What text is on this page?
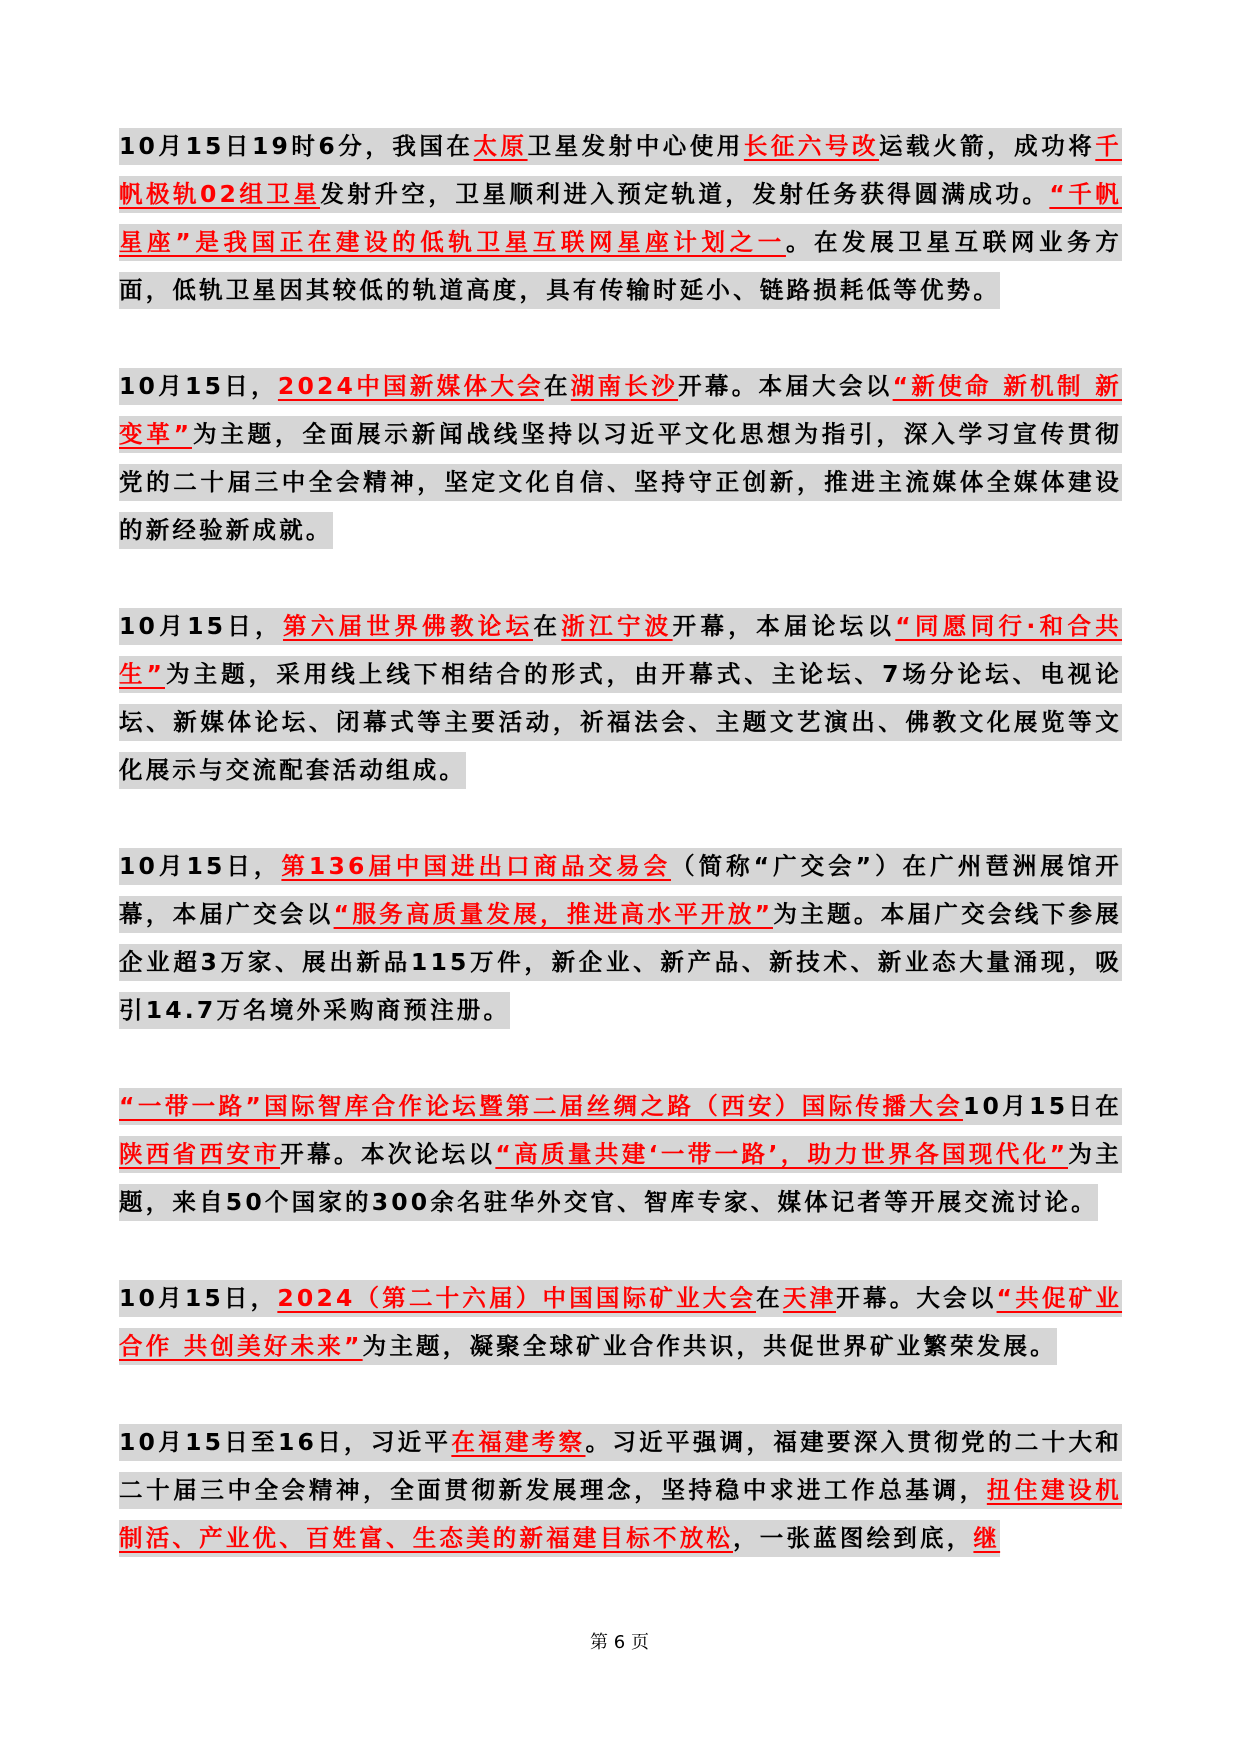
10月15日19时6分，我国在太原卫星发射中心使用长征六号改运载火箭，成功将千帆极轨02组卫星发射升空，卫星顺利进入预定轨道，发射任务获得圆满成功。“千帆星座”是我国正在建设的低轨卫星互联网星座计划之一。在发展卫星互联网业务方面，低轨卫星因其较低的轨道高度，具有传输时延小、链路损耗低等优势。

10月15日，2024中国新媒体大会在湖南长沙开幕。本届大会以“新使命 新机制 新变革”为主题，全面展示新闻战线坚持以习近平文化思想为指引，深入学习宣传贯彻党的二十届三中全会精神，坚定文化自信、坚持守正创新，推进主流媒体全媒体建设的新经验新成就。

10月15日，第六届世界佛教论坛在浙江宁波开幕，本届论坛以“同愿同行·和合共生”为主题，采用线上线下相结合的形式，由开幕式、主论坛、7场分论坛、电视论坛、新媒体论坛、闭幕式等主要活动，祈福法会、主题文艺演出、佛教文化展览等文化展示与交流配套活动组成。

10月15日，第136届中国进出口商品交易会（简称“广交会”）在广州琶洲展馆开幕，本届广交会以“服务高质量发展，推进高水平开放”为主题。本届广交会线下参展企业超3万家、展出新品115万件，新企业、新产品、新技术、新业态大量涌现，吸引14.7万名境外采购商预注册。

“一带一路”国际智库合作论坛暨第二届丝绸之路（西安）国际传播大会10月15日在陕西省西安市开幕。本次论坛以“高质量共建‘一带一路’，助力世界各国现代化”为主题，来自50个国家的300余名驻华外交官、智库专家、媒体记者等开展交流讨论。

10月15日，2024（第二十六届）中国国际矿业大会在天津开幕。大会以“共促矿业合作 共创美好未来”为主题，凝聚全球矿业合作共识，共促世界矿业繁荣发展。

10月15日至16日，习近平在福建考察。习近平强调，福建要深入贯彻党的二十大和二十届三中全会精神，全面贯彻新发展理念，坚持稳中求进工作总基调，扭住建设机制活、产业优、百姓富、生态美的新福建目标不放松，一张蓝图绘到底，继

第 6 页
